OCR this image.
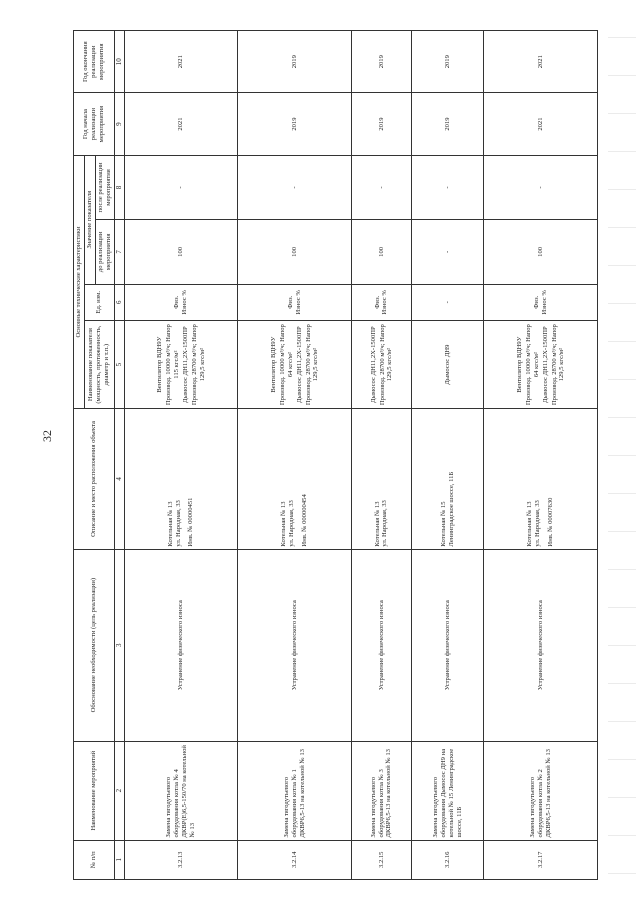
32
№ п/п	Наименование мероприятий	Обоснование необходимости (цель реализации)	Описание и место расположения объекта	Основные технические характеристики				Год начала реализации мероприятия	Год окончания реализации мероприятия
				Наименование показателя (мощность, протяженность, диаметр и т.п.)	Ед. изм.	Значение показателя			
						до реализации мероприятия	после реализации мероприятия		
1	2	3	4	5	6	7	8	9	10
3.2.13	Замена тягодутьевого оборудования котла № 4 ДКВР(Е)6,5-150/70 на котельной № 13	Устранение физического износа	Котельная № 13 ул. Народная, 33 Инв. № 00000451	Вентилятор ВДН9У Производ. 10000 м³/ч; Напор 115 кгс/м² Дымосос ДН11,2Х-1500ПР Производ. 28700 м³/ч; Напор 129,5 кгс/м²	Физ. Износ %	100	-	2021	2021
3.2.14	Замена тягодутьевого оборудования котла № 1 ДКВР6,5-13 на котельной № 13	Устранение физического износа	Котельная № 13 ул. Народная, 33 Инв. № 000000454	Вентилятор ВДН9У Производ. 10000 м³/ч; Напор 64 кгс/м² Дымосос ДН11,2Х-1500ПР Производ. 28700 м³/ч; Напор 129,5 кгс/м²	Физ. Износ %	100	-	2019	2019
3.2.15	Замена тягодутьевого оборудования котла № 3 ДКВР6,5-13 на котельной № 13	Устранение физического износа	Котельная № 13 ул. Народная, 33	Дымосос ДН11,2Х-1500ПР Производ. 28700 м³/ч; Напор 129,5 кгс/м²	Физ. Износ %	100	-	2019	2019
3.2.16	Замена тягодутьевого оборудования Дымосос ДН9 на котельной № 15 Ленинградское шоссе, 11Б	Устранение физического износа	Котельная № 15 Ленинградское шоссе, 11Б	Дымосос ДН9	-	-	-	2019	2019
3.2.17	Замена тягодутьевого оборудования котла № 2 ДКВР6,5-13 на котельной № 13	Устранение физического износа	Котельная № 13 ул. Народная, 33 Инв. № 00007630	Вентилятор ВДН9У Производ. 10000 м³/ч; Напор 64 кгс/м² Дымосос ДН11,2Х-1500ПР Производ. 28700 м³/ч; Напор 129,5 кгс/м²	Физ. Износ %	100	-	2021	2021
